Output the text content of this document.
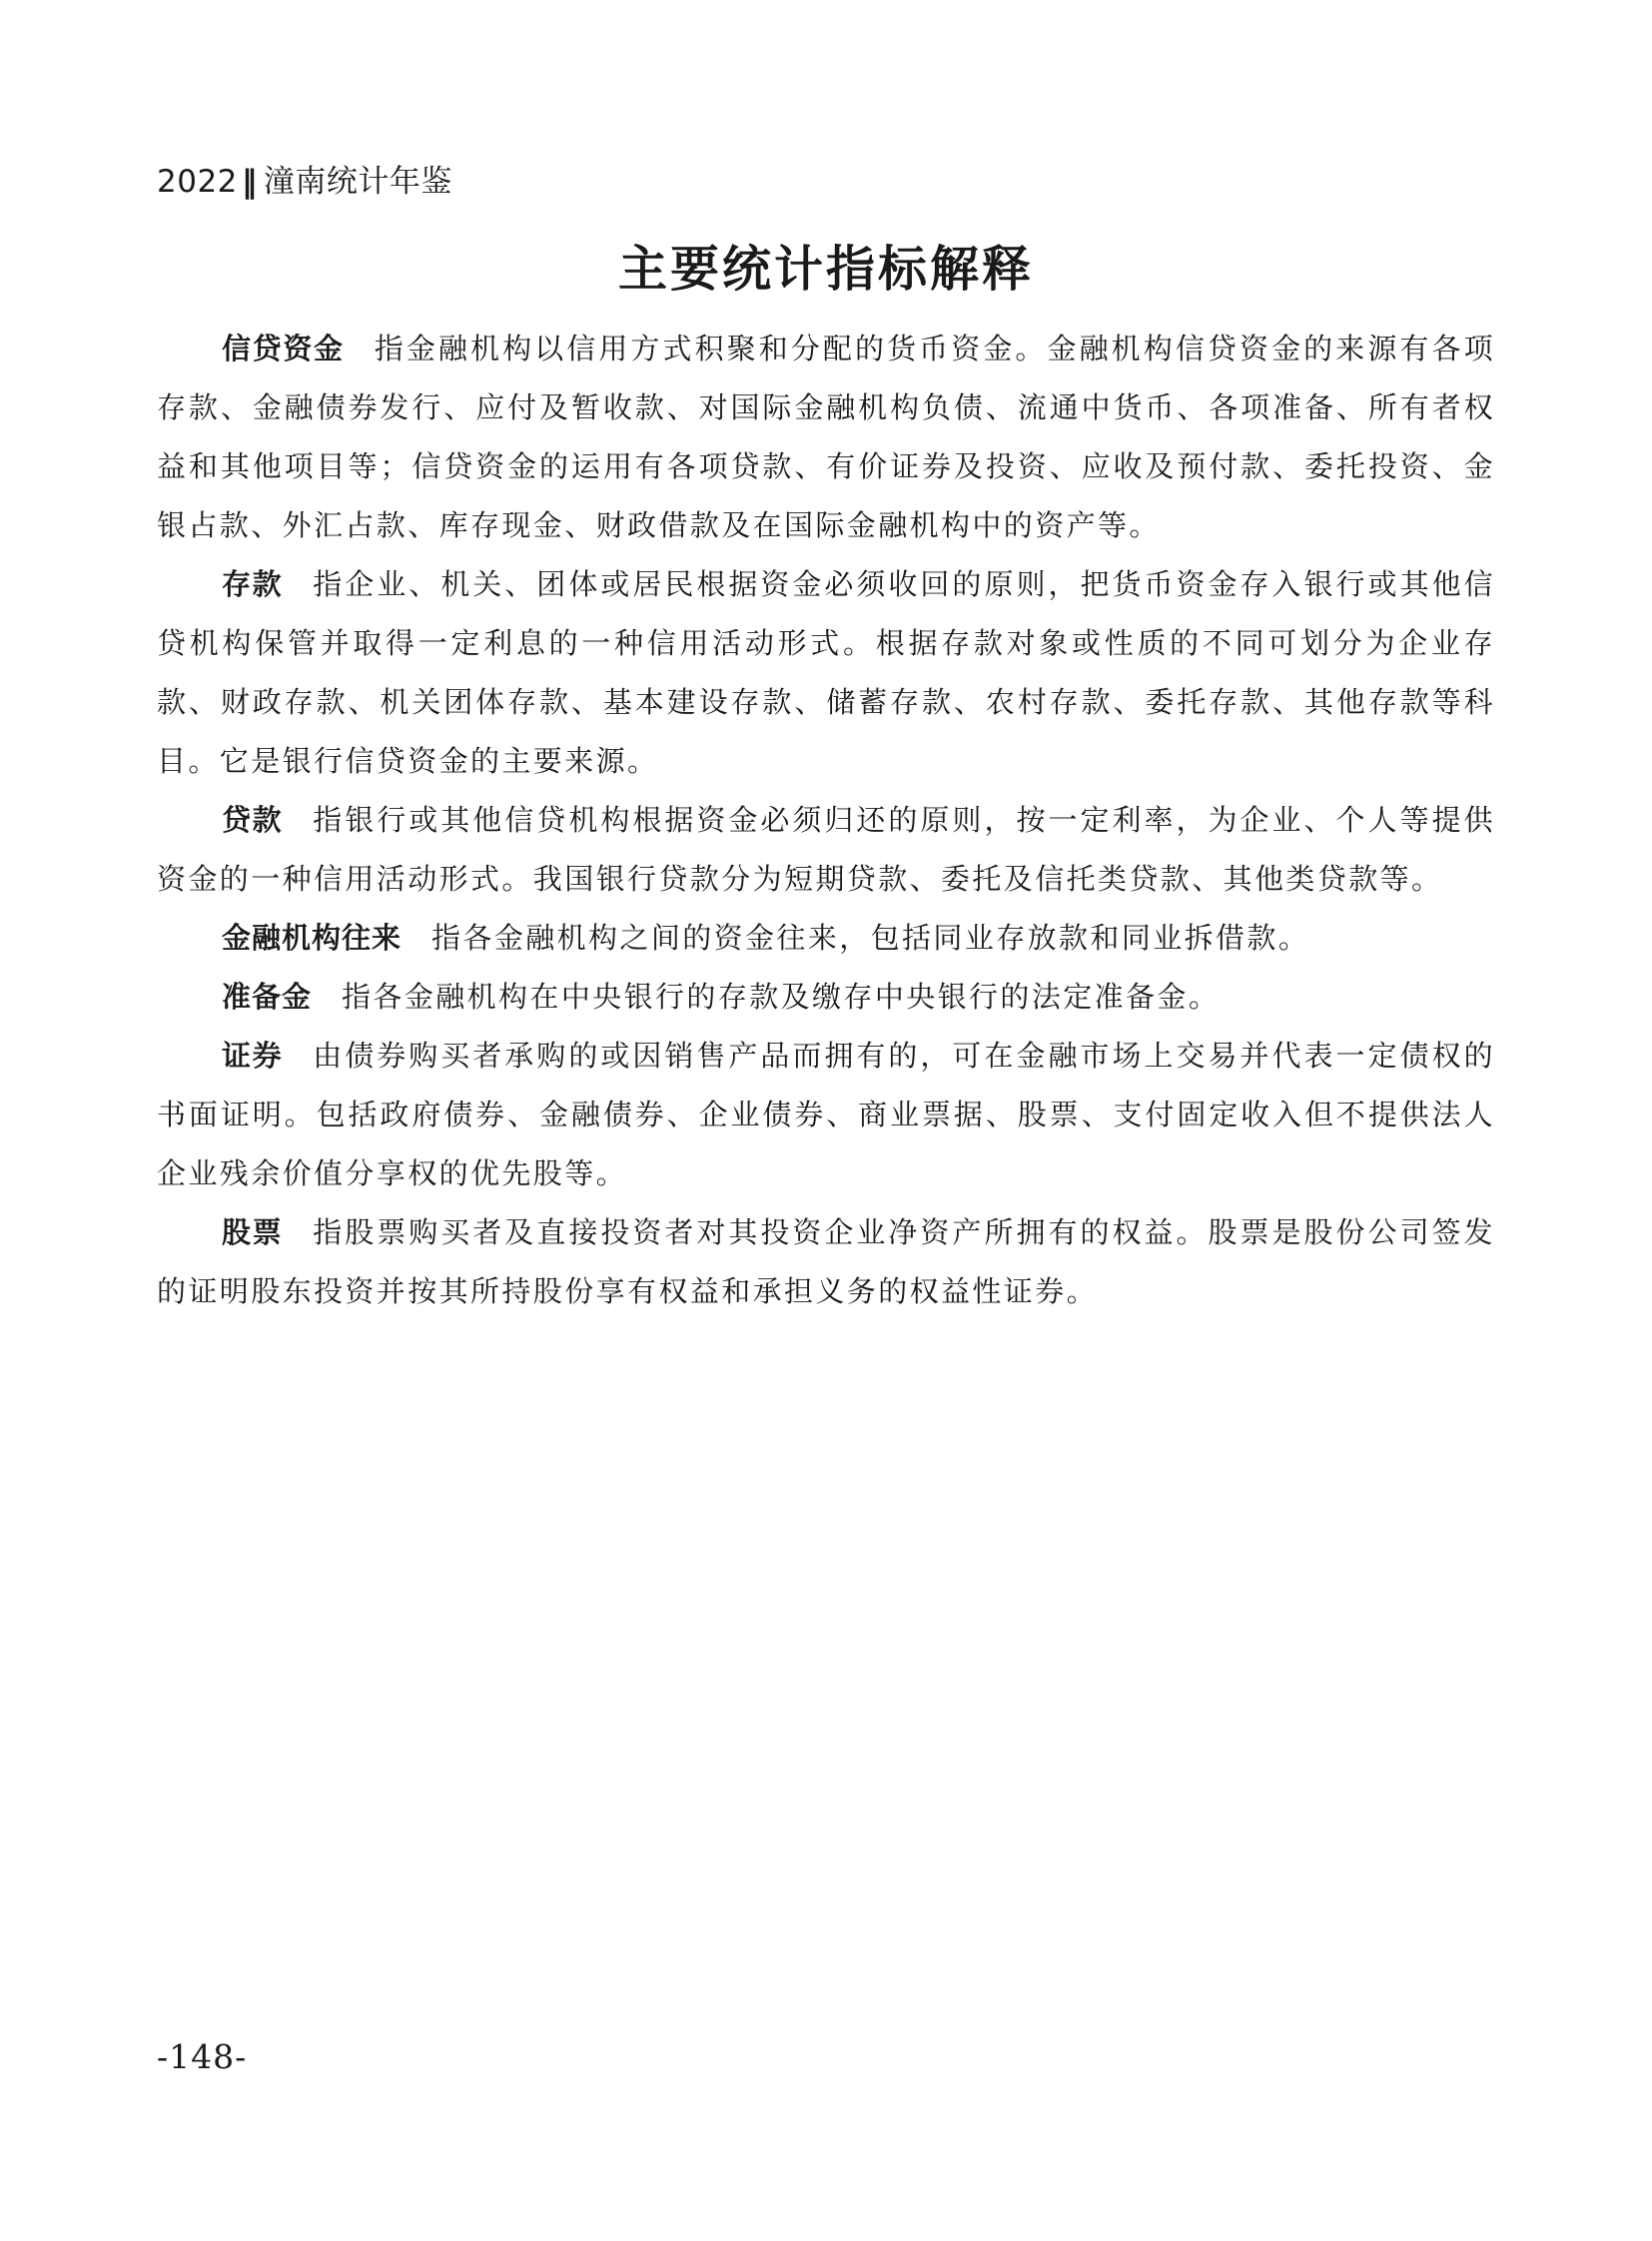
2022 ‖ 潼南统计年鉴
主要统计指标解释

信贷资金 指金融机构以信用方式积聚和分配的货币资金。金融机构信贷资金的来源有各项存款、金融债券发行、应付及暂收款、对国际金融机构负债、流通中货币、各项准备、所有者权益和其他项目等；信贷资金的运用有各项贷款、有价证券及投资、应收及预付款、委托投资、金银占款、外汇占款、库存现金、财政借款及在国际金融机构中的资产等。

存款 指企业、机关、团体或居民根据资金必须收回的原则，把货币资金存入银行或其他信贷机构保管并取得一定利息的一种信用活动形式。根据存款对象或性质的不同可划分为企业存款、财政存款、机关团体存款、基本建设存款、储蓄存款、农村存款、委托存款、其他存款等科目。它是银行信贷资金的主要来源。

贷款 指银行或其他信贷机构根据资金必须归还的原则，按一定利率，为企业、个人等提供资金的一种信用活动形式。我国银行贷款分为短期贷款、委托及信托类贷款、其他类贷款等。

金融机构往来 指各金融机构之间的资金往来，包括同业存放款和同业拆借款。

准备金 指各金融机构在中央银行的存款及缴存中央银行的法定准备金。

证券 由债券购买者承购的或因销售产品而拥有的，可在金融市场上交易并代表一定债权的书面证明。包括政府债券、金融债券、企业债券、商业票据、股票、支付固定收入但不提供法人企业残余价值分享权的优先股等。

股票 指股票购买者及直接投资者对其投资企业净资产所拥有的权益。股票是股份公司签发的证明股东投资并按其所持股份享有权益和承担义务的权益性证券。

-148-
